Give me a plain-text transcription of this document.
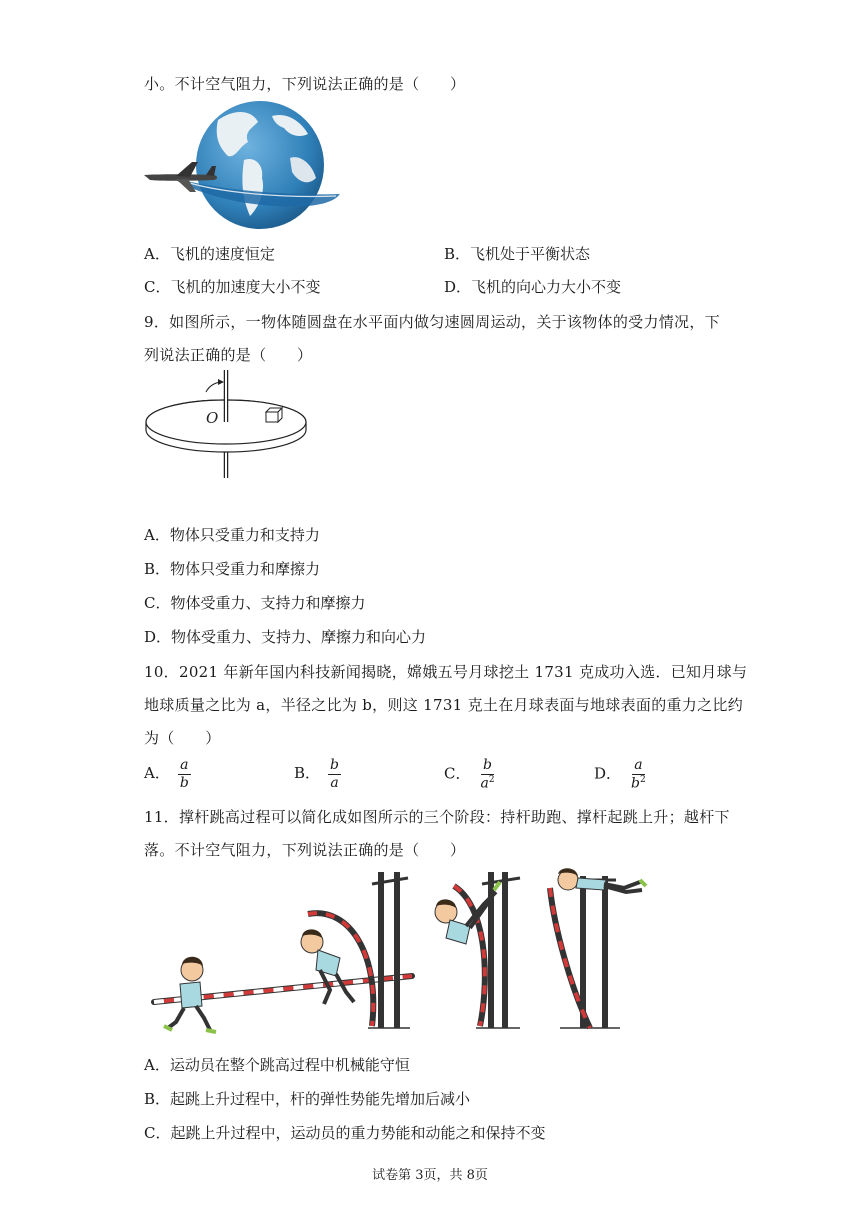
小。不计空气阻力，下列说法正确的是（　　）
A．飞机的速度恒定	B．飞机处于平衡状态
C．飞机的加速度大小不变	D．飞机的向心力大小不变
9．如图所示，一物体随圆盘在水平面内做匀速圆周运动，关于该物体的受力情况，下
列说法正确的是（　　）
O
A．物体只受重力和支持力
B．物体只受重力和摩擦力
C．物体受重力、支持力和摩擦力
D．物体受重力、支持力、摩擦力和向心力
10．2021 年新年国内科技新闻揭晓，嫦娥五号月球挖土 1731 克成功入选．已知月球与
地球质量之比为 a，半径之比为 b，则这 1731 克土在月球表面与地球表面的重力之比约
为（　　）
A． $\frac{a}{b}$	B． $\frac{b}{a}$	C． $\frac{b}{a^2}$	D． $\frac{a}{b^2}$
11．撑杆跳高过程可以简化成如图所示的三个阶段：持杆助跑、撑杆起跳上升；越杆下
落。不计空气阻力，下列说法正确的是（　　）
A．运动员在整个跳高过程中机械能守恒
B．起跳上升过程中，杆的弹性势能先增加后减小
C．起跳上升过程中，运动员的重力势能和动能之和保持不变
试卷第 3页，共 8页
